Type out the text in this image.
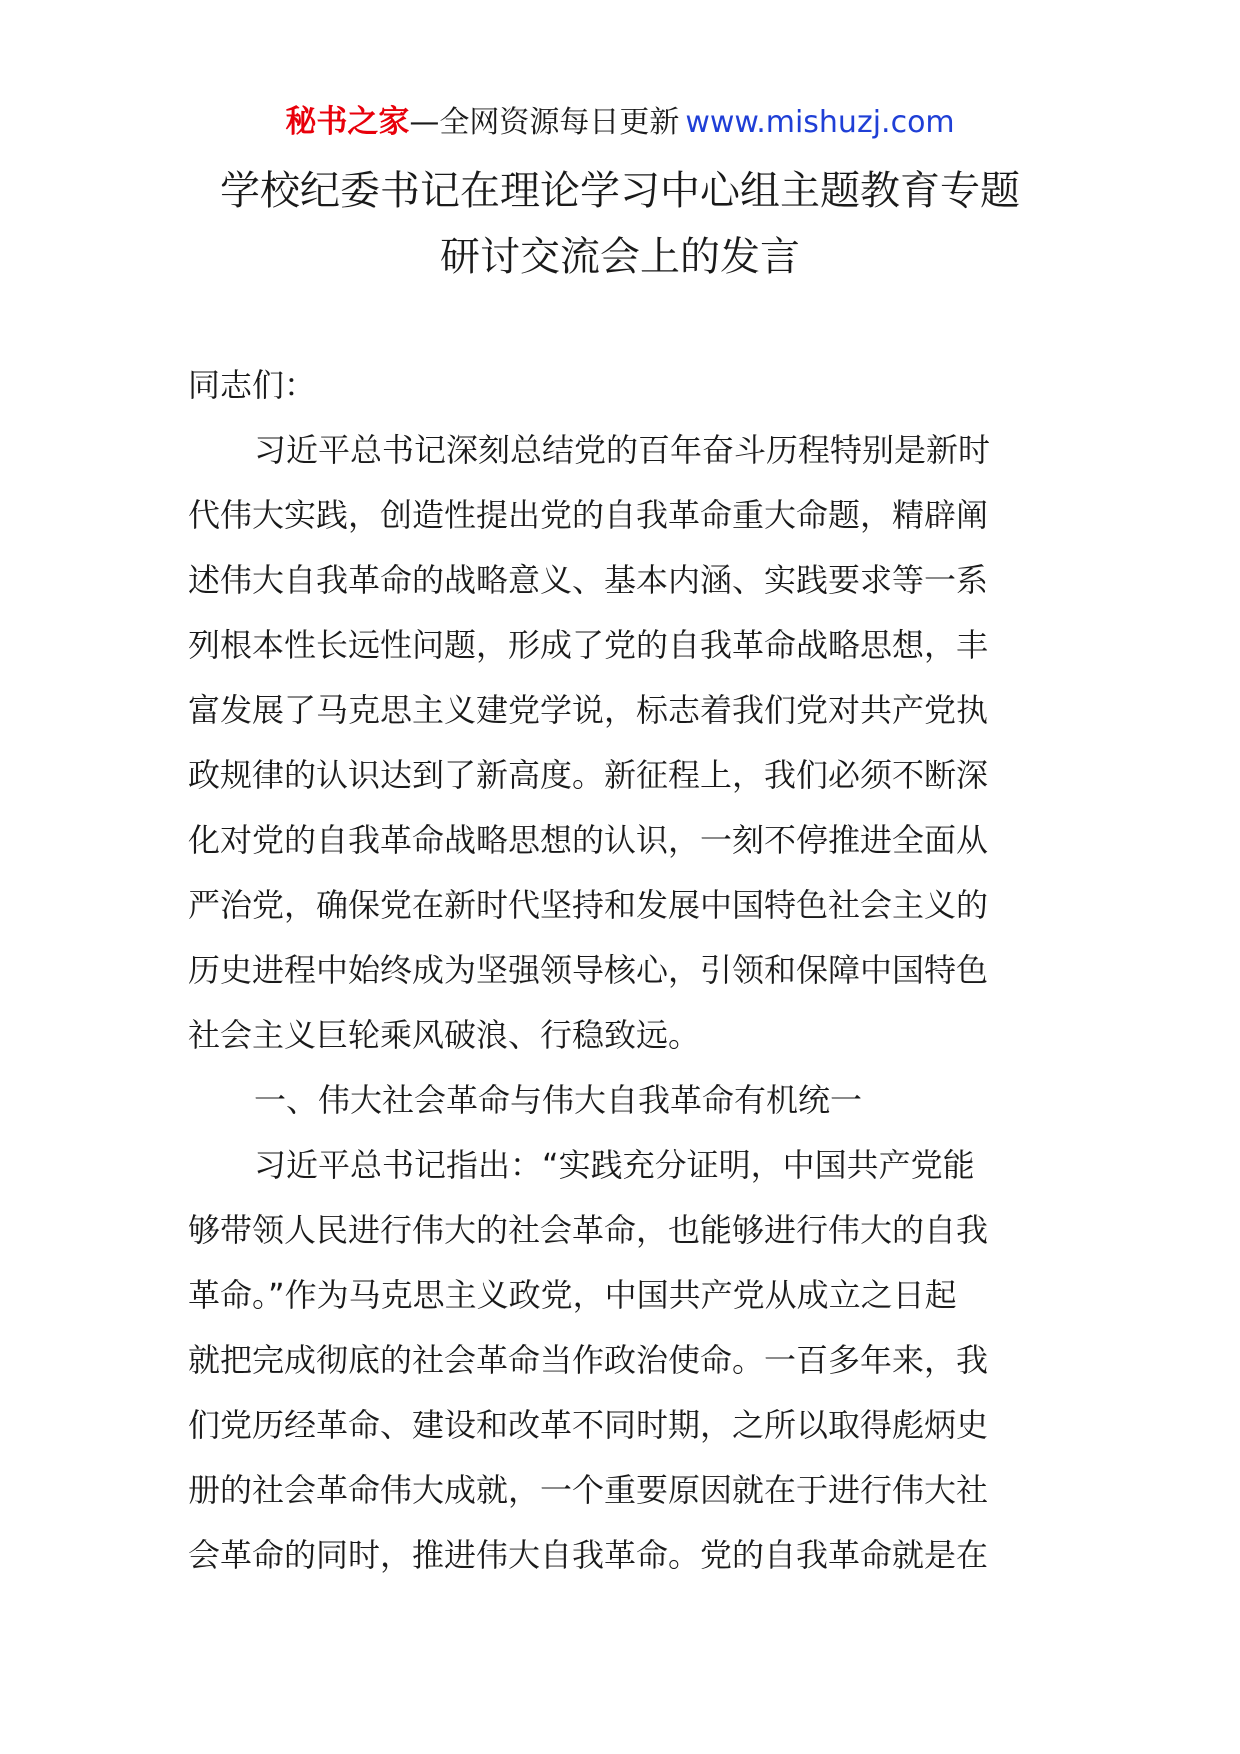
秘书之家—全网资源每日更新 www.mishuzj.com
学校纪委书记在理论学习中心组主题教育专题
研讨交流会上的发言
同志们：
习近平总书记深刻总结党的百年奋斗历程特别是新时
代伟大实践，创造性提出党的自我革命重大命题，精辟阐
述伟大自我革命的战略意义、基本内涵、实践要求等一系
列根本性长远性问题，形成了党的自我革命战略思想，丰
富发展了马克思主义建党学说，标志着我们党对共产党执
政规律的认识达到了新高度。新征程上，我们必须不断深
化对党的自我革命战略思想的认识，一刻不停推进全面从
严治党，确保党在新时代坚持和发展中国特色社会主义的
历史进程中始终成为坚强领导核心，引领和保障中国特色
社会主义巨轮乘风破浪、行稳致远。
一、伟大社会革命与伟大自我革命有机统一
习近平总书记指出：“实践充分证明，中国共产党能
够带领人民进行伟大的社会革命，也能够进行伟大的自我
革命。”作为马克思主义政党，中国共产党从成立之日起
就把完成彻底的社会革命当作政治使命。一百多年来，我
们党历经革命、建设和改革不同时期，之所以取得彪炳史
册的社会革命伟大成就，一个重要原因就在于进行伟大社
会革命的同时，推进伟大自我革命。党的自我革命就是在
